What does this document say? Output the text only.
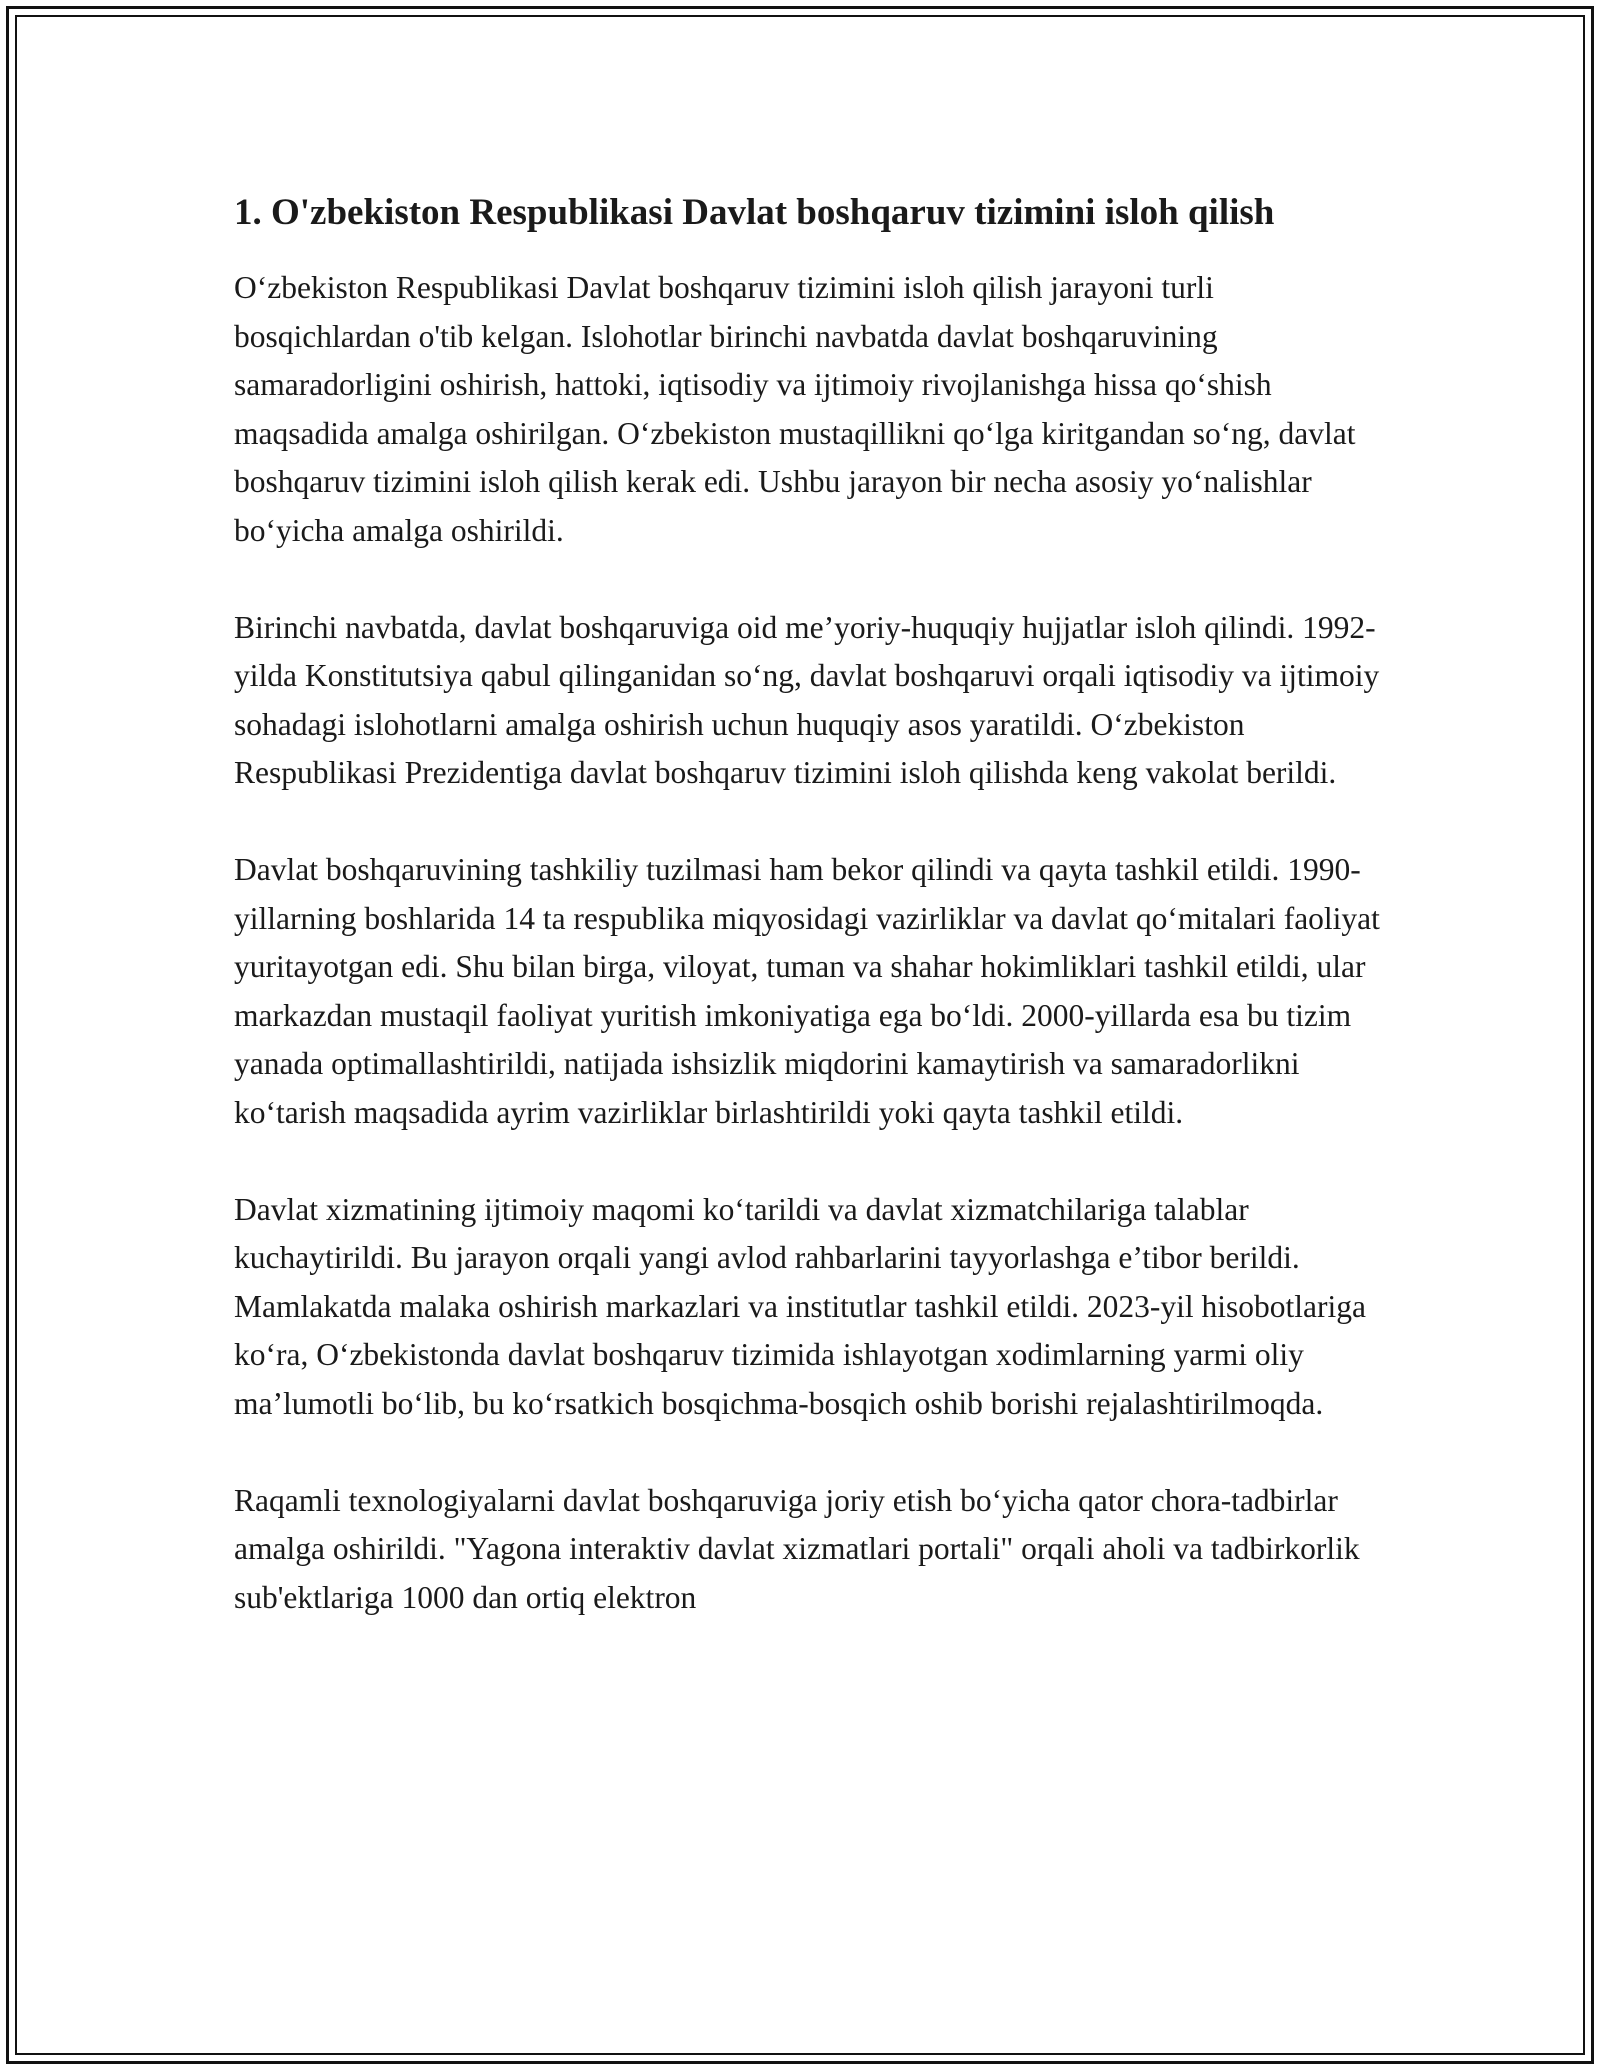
1. O'zbekiston Respublikasi Davlat boshqaruv tizimini isloh qilish

O‘zbekiston Respublikasi Davlat boshqaruv tizimini isloh qilish jarayoni turli bosqichlardan o'tib kelgan. Islohotlar birinchi navbatda davlat boshqaruvining samaradorligini oshirish, hattoki, iqtisodiy va ijtimoiy rivojlanishga hissa qo‘shish maqsadida amalga oshirilgan. O‘zbekiston mustaqillikni qo‘lga kiritgandan so‘ng, davlat boshqaruv tizimini isloh qilish kerak edi. Ushbu jarayon bir necha asosiy yo‘nalishlar bo‘yicha amalga oshirildi.

Birinchi navbatda, davlat boshqaruviga oid me’yoriy-huquqiy hujjatlar isloh qilindi. 1992-yilda Konstitutsiya qabul qilinganidan so‘ng, davlat boshqaruvi orqali iqtisodiy va ijtimoiy sohadagi islohotlarni amalga oshirish uchun huquqiy asos yaratildi. O‘zbekiston Respublikasi Prezidentiga davlat boshqaruv tizimini isloh qilishda keng vakolat berildi.

Davlat boshqaruvining tashkiliy tuzilmasi ham bekor qilindi va qayta tashkil etildi. 1990-yillarning boshlarida 14 ta respublika miqyosidagi vazirliklar va davlat qo‘mitalari faoliyat yuritayotgan edi. Shu bilan birga, viloyat, tuman va shahar hokimliklari tashkil etildi, ular markazdan mustaqil faoliyat yuritish imkoniyatiga ega bo‘ldi. 2000-yillarda esa bu tizim yanada optimallashtirildi, natijada ishsizlik miqdorini kamaytirish va samaradorlikni ko‘tarish maqsadida ayrim vazirliklar birlashtirildi yoki qayta tashkil etildi.

Davlat xizmatining ijtimoiy maqomi ko‘tarildi va davlat xizmatchilariga talablar kuchaytirildi. Bu jarayon orqali yangi avlod rahbarlarini tayyorlashga e’tibor berildi. Mamlakatda malaka oshirish markazlari va institutlar tashkil etildi. 2023-yil hisobotlariga ko‘ra, O‘zbekistonda davlat boshqaruv tizimida ishlayotgan xodimlarning yarmi oliy ma’lumotli bo‘lib, bu ko‘rsatkich bosqichma-bosqich oshib borishi rejalashtirilmoqda.

Raqamli texnologiyalarni davlat boshqaruviga joriy etish bo‘yicha qator chora-tadbirlar amalga oshirildi. "Yagona interaktiv davlat xizmatlari portali" orqali aholi va tadbirkorlik sub'ektlariga 1000 dan ortiq elektron
